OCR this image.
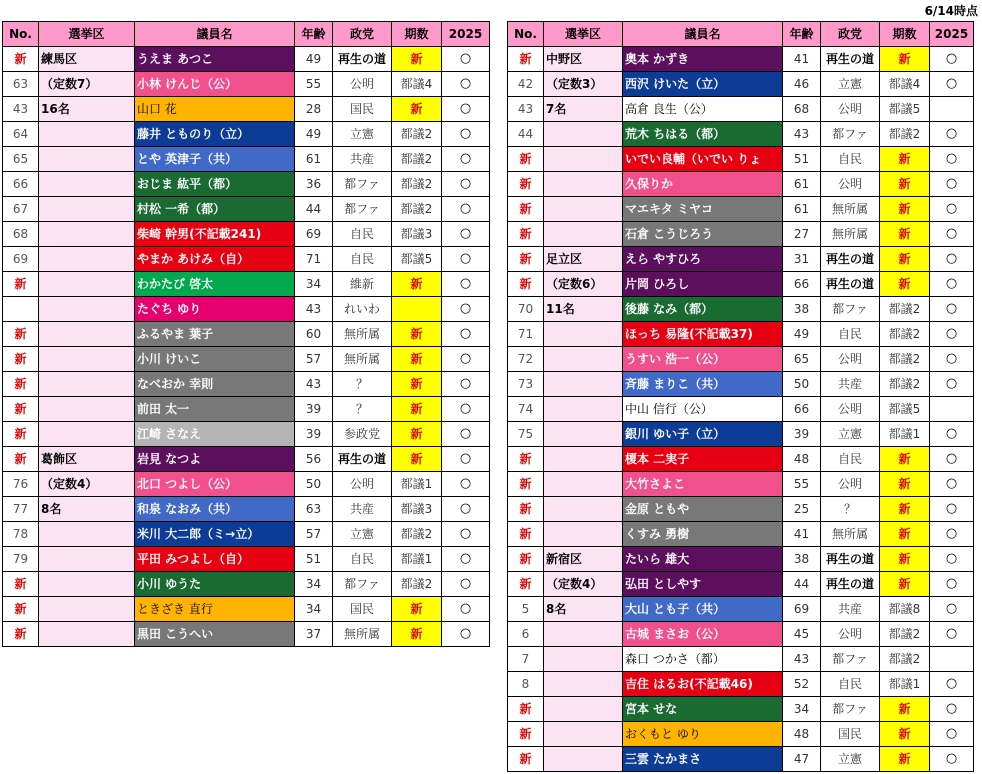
6/14時点
No.	選挙区	議員名	年齢	政党	期数	2025
新	練馬区	うえま あつこ	49	再生の道	新	○
63	（定数7）	小林 けんじ（公）	55	公明	都議4	○
43	16名	山口 花	28	国民	新	○
64		藤井 とものり（立）	49	立憲	都議2	○
65		とや 英津子（共）	61	共産	都議2	○
66		おじま 紘平（都）	36	都ファ	都議2	○
67		村松 一希（都）	44	都ファ	都議2	○
68		柴崎 幹男(不記載241)	69	自民	都議3	○
69		やまか あけみ（自）	71	自民	都議5	○
新		わかたび 啓太	34	維新	新	○
		たぐち ゆり	43	れいわ		○
新		ふるやま 葉子	60	無所属	新	○
新		小川 けいこ	57	無所属	新	○
新		なべおか 幸則	43	？	新	○
新		前田 太一	39	？	新	○
新		江崎 さなえ	39	参政党	新	○
新	葛飾区	岩見 なつよ	56	再生の道	新	○
76	（定数4）	北口 つよし（公）	50	公明	都議1	○
77	8名	和泉 なおみ（共）	63	共産	都議3	○
78		米川 大二郎（ミ→立）	57	立憲	都議2	○
79		平田 みつよし（自）	51	自民	都議1	○
新		小川 ゆうた	34	都ファ	都議2	○
新		ときざき 直行	34	国民	新	○
新		黒田 こうへい	37	無所属	新	○
No.	選挙区	議員名	年齢	政党	期数	2025
新	中野区	奥本 かずき	41	再生の道	新	○
42	（定数3）	西沢 けいた（立）	46	立憲	都議4	○
43	7名	高倉 良生（公）	68	公明	都議5	
44		荒木 ちはる（都）	43	都ファ	都議2	○
新		いでい良輔（いでい りょ	51	自民	新	○
新		久保りか	61	公明	新	○
新		マエキタ ミヤコ	61	無所属	新	○
新		石倉 こうじろう	27	無所属	新	○
新	足立区	えら やすひろ	31	再生の道	新	○
新	（定数6）	片岡 ひろし	66	再生の道	新	○
70	11名	後藤 なみ（都）	38	都ファ	都議2	○
71		ほっち 易隆(不記載37)	49	自民	都議2	○
72		うすい 浩一（公）	65	公明	都議2	○
73		斉藤 まりこ（共）	50	共産	都議2	○
74		中山 信行（公）	66	公明	都議5	
75		銀川 ゆい子（立）	39	立憲	都議1	○
新		榎本 二実子	48	自民	新	○
新		大竹さよこ	55	公明	新	○
新		金原 ともや	25	？	新	○
新		くすみ 勇樹	41	無所属	新	○
新	新宿区	たいら 雄大	38	再生の道	新	○
新	（定数4）	弘田 としやす	44	再生の道	新	○
5	8名	大山 とも子（共）	69	共産	都議8	○
6		古城 まさお（公）	45	公明	都議2	○
7		森口 つかさ（都）	43	都ファ	都議2	
8		吉住 はるお(不記載46)	52	自民	都議1	○
新		宮本 せな	34	都ファ	新	○
新		おくもと ゆり	48	国民	新	○
新		三雲 たかまさ	47	立憲	新	○
